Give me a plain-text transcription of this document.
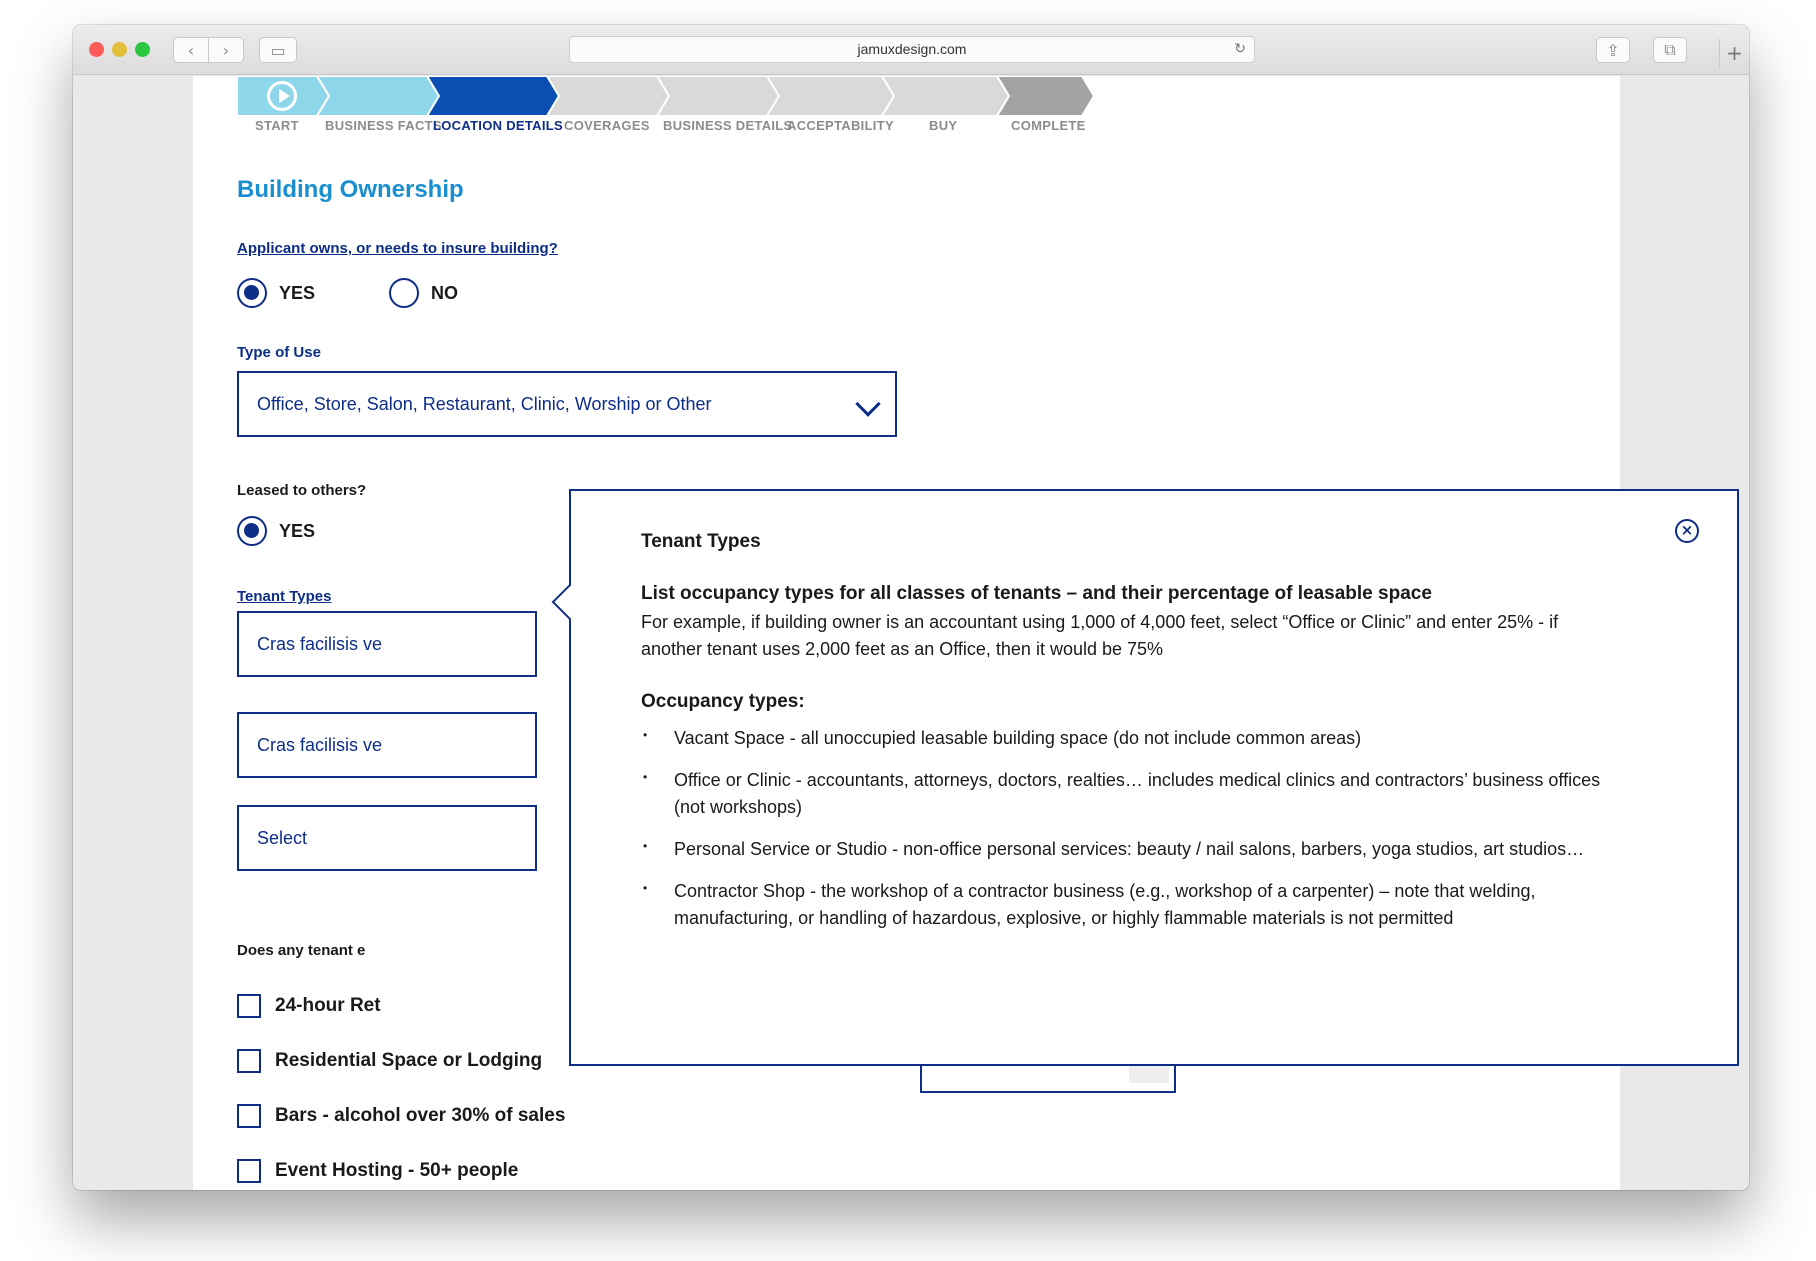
‹	›	▭	jamuxdesign.com	↻	⇪	⧉	+
⚑
START BUSINESS FACTS
LOCATION DETAILS COVERAGES BUSINESS DETAILS
ACCEPTABILITY	BUY	COMPLETE
Building Ownership
Applicant owns, or needs to insure building?
YES	NO
Type of Use
Office, Store, Salon, Restaurant, Clinic, Worship or Other
Leased to others?
YES
Tenant Types
Cras facilisis ve
Cras facilisis ve
Select
Does any tenant e
24-hour Ret
Residential Space or Lodging
Bars - alcohol over 30% of sales
Event Hosting - 50+ people
×
Tenant Types
List occupancy types for all classes of tenants – and their percentage of leasable space
For example, if building owner is an accountant using 1,000 of 4,000 feet, select “Office or Clinic” and enter 25% - if another tenant uses 2,000 feet as an Office, then it would be 75%
Occupancy types:
• Vacant Space - all unoccupied leasable building space (do not include common areas)
• Office or Clinic - accountants, attorneys, doctors, realties… includes medical clinics and contractors’ business offices (not workshops)
• Personal Service or Studio - non-office personal services: beauty / nail salons, barbers, yoga studios, art studios…
• Contractor Shop - the workshop of a contractor business (e.g., workshop of a carpenter) – note that welding, manufacturing, or handling of hazardous, explosive, or highly flammable materials is not permitted
